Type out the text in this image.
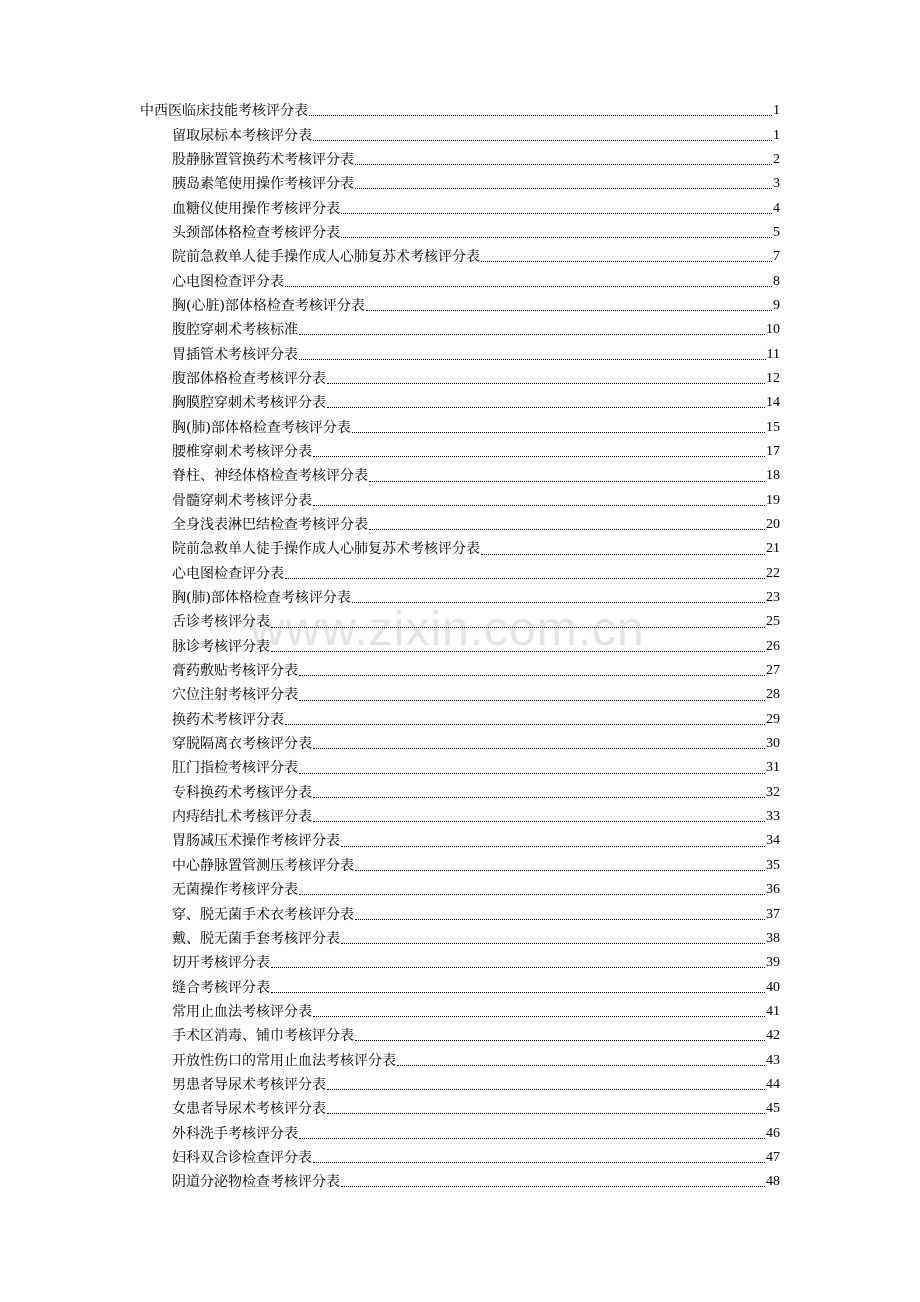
www.zixin.com.cn
中西医临床技能考核评分表	1
留取尿标本考核评分表	1
股静脉置管换药术考核评分表	2
胰岛素笔使用操作考核评分表	3
血糖仪使用操作考核评分表	4
头颈部体格检查考核评分表	5
院前急救单人徒手操作成人心肺复苏术考核评分表	7
心电图检查评分表	8
胸(心脏)部体格检查考核评分表	9
腹腔穿刺术考核标准	10
胃插管术考核评分表	11
腹部体格检查考核评分表	12
胸膜腔穿刺术考核评分表	14
胸(肺)部体格检查考核评分表	15
腰椎穿刺术考核评分表	17
脊柱、神经体格检查考核评分表	18
骨髓穿刺术考核评分表	19
全身浅表淋巴结检查考核评分表	20
院前急救单人徒手操作成人心肺复苏术考核评分表	21
心电图检查评分表	22
胸(肺)部体格检查考核评分表	23
舌诊考核评分表	25
脉诊考核评分表	26
膏药敷贴考核评分表	27
穴位注射考核评分表	28
换药术考核评分表	29
穿脱隔离衣考核评分表	30
肛门指检考核评分表	31
专科换药术考核评分表	32
内痔结扎术考核评分表	33
胃肠减压术操作考核评分表	34
中心静脉置管测压考核评分表	35
无菌操作考核评分表	36
穿、脱无菌手术衣考核评分表	37
戴、脱无菌手套考核评分表	38
切开考核评分表	39
缝合考核评分表	40
常用止血法考核评分表	41
手术区消毒、铺巾考核评分表	42
开放性伤口的常用止血法考核评分表	43
男患者导尿术考核评分表	44
女患者导尿术考核评分表	45
外科洗手考核评分表	46
妇科双合诊检查评分表	47
阴道分泌物检查考核评分表	48
